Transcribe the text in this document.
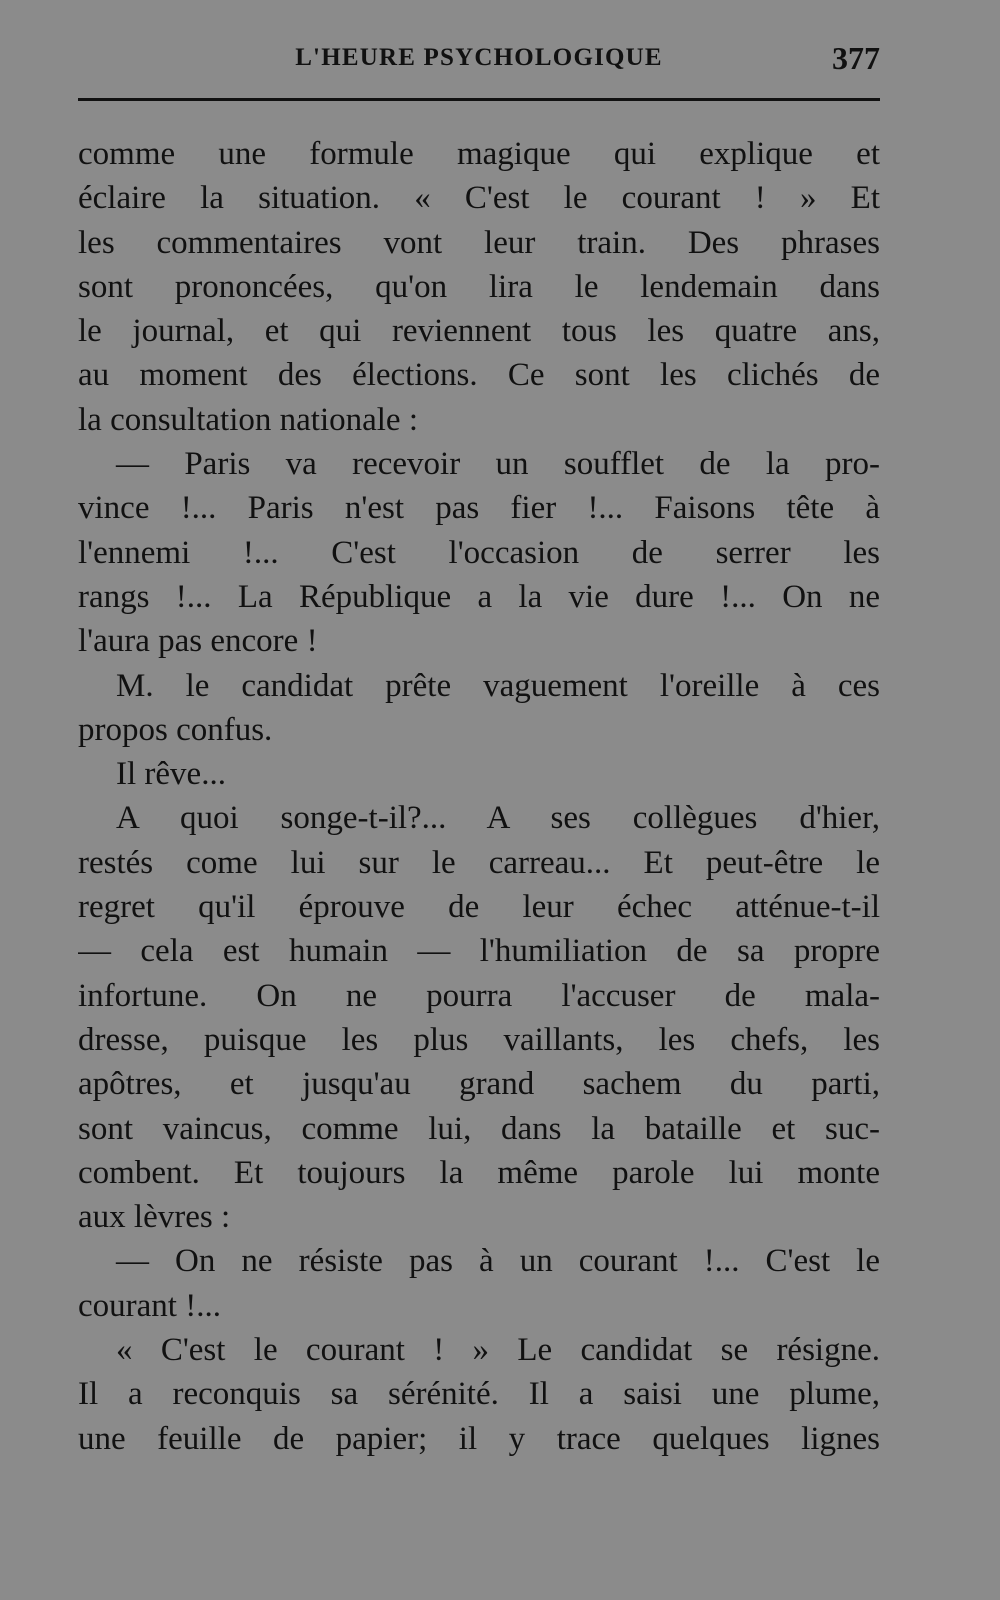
L'HEURE PSYCHOLOGIQUE	377
comme une formule magique qui explique et
éclaire la situation. « C'est le courant ! » Et
les commentaires vont leur train. Des phrases
sont prononcées, qu'on lira le lendemain dans
le journal, et qui reviennent tous les quatre ans,
au moment des élections. Ce sont les clichés de
la consultation nationale :
— Paris va recevoir un soufflet de la pro-
vince !... Paris n'est pas fier !... Faisons tête à
l'ennemi !... C'est l'occasion de serrer les
rangs !... La République a la vie dure !... On ne
l'aura pas encore !
M. le candidat prête vaguement l'oreille à ces
propos confus.
Il rêve...
A quoi songe-t-il?... A ses collègues d'hier,
restés come lui sur le carreau... Et peut-être le
regret qu'il éprouve de leur échec atténue-t-il
— cela est humain — l'humiliation de sa propre
infortune. On ne pourra l'accuser de mala-
dresse, puisque les plus vaillants, les chefs, les
apôtres, et jusqu'au grand sachem du parti,
sont vaincus, comme lui, dans la bataille et suc-
combent. Et toujours la même parole lui monte
aux lèvres :
— On ne résiste pas à un courant !... C'est le
courant !...
« C'est le courant ! » Le candidat se résigne.
Il a reconquis sa sérénité. Il a saisi une plume,
une feuille de papier; il y trace quelques lignes
